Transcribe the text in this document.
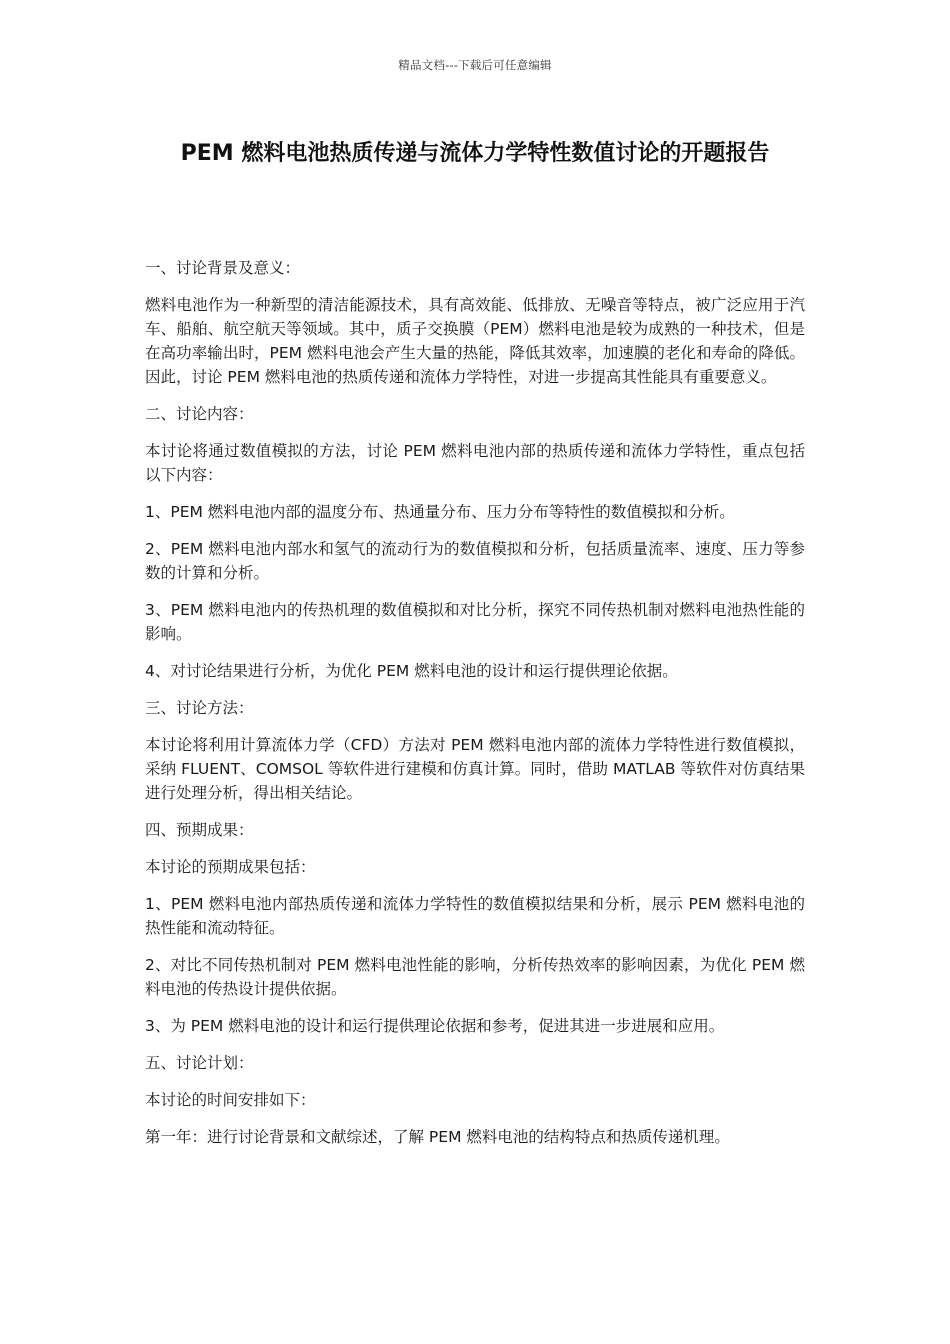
精品文档---下载后可任意编辑
PEM 燃料电池热质传递与流体力学特性数值讨论的开题报告

一、讨论背景及意义：

燃料电池作为一种新型的清洁能源技术，具有高效能、低排放、无噪音等特点，被广泛应用于汽车、船舶、航空航天等领域。其中，质子交换膜（PEM）燃料电池是较为成熟的一种技术，但是在高功率输出时，PEM 燃料电池会产生大量的热能，降低其效率，加速膜的老化和寿命的降低。因此，讨论 PEM 燃料电池的热质传递和流体力学特性，对进一步提高其性能具有重要意义。

二、讨论内容：

本讨论将通过数值模拟的方法，讨论 PEM 燃料电池内部的热质传递和流体力学特性，重点包括以下内容：

1、PEM 燃料电池内部的温度分布、热通量分布、压力分布等特性的数值模拟和分析。

2、PEM 燃料电池内部水和氢气的流动行为的数值模拟和分析，包括质量流率、速度、压力等参数的计算和分析。

3、PEM 燃料电池内的传热机理的数值模拟和对比分析，探究不同传热机制对燃料电池热性能的影响。

4、对讨论结果进行分析，为优化 PEM 燃料电池的设计和运行提供理论依据。

三、讨论方法：

本讨论将利用计算流体力学（CFD）方法对 PEM 燃料电池内部的流体力学特性进行数值模拟，采纳 FLUENT、COMSOL 等软件进行建模和仿真计算。同时，借助 MATLAB 等软件对仿真结果进行处理分析，得出相关结论。

四、预期成果：

本讨论的预期成果包括：

1、PEM 燃料电池内部热质传递和流体力学特性的数值模拟结果和分析，展示 PEM 燃料电池的热性能和流动特征。

2、对比不同传热机制对 PEM 燃料电池性能的影响，分析传热效率的影响因素，为优化 PEM 燃料电池的传热设计提供依据。

3、为 PEM 燃料电池的设计和运行提供理论依据和参考，促进其进一步进展和应用。

五、讨论计划：

本讨论的时间安排如下：

第一年：进行讨论背景和文献综述，了解 PEM 燃料电池的结构特点和热质传递机理。
